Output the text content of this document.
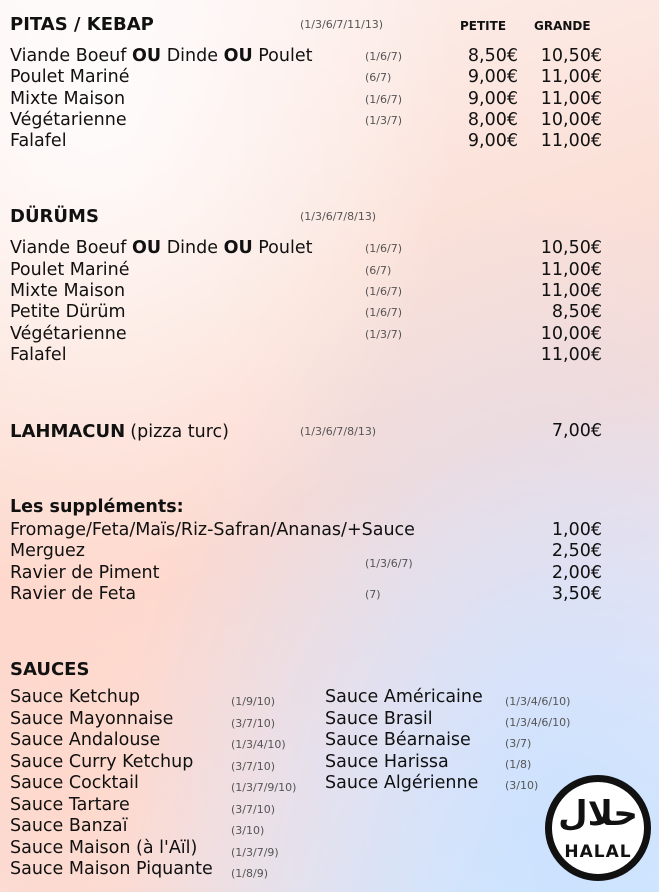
PITAS / KEBAP	(1/3/6/7/11/13)	PETITE GRANDE
Viande Boeuf OU Dinde OU Poulet	(1/6/7)	8,50€	10,50€
Poulet Mariné	(6/7)	9,00€	11,00€
Mixte Maison	(1/6/7)	9,00€	11,00€
Végétarienne	(1/3/7)	8,00€	10,00€
Falafel	9,00€	11,00€
DÜRÜMS	(1/3/6/7/8/13)
Viande Boeuf OU Dinde OU Poulet	(1/6/7)	10,50€
Poulet Mariné	(6/7)	11,00€
Mixte Maison	(1/6/7)	11,00€
Petite Dürüm	(1/6/7)	8,50€
Végétarienne	(1/3/7)	10,00€
Falafel	11,00€
LAHMACUN (pizza turc)	(1/3/6/7/8/13)	7,00€
Les suppléments:
Fromage/Feta/Maïs/Riz-Safran/Ananas/+Sauce	1,00€
Merguez	2,50€
Ravier de Piment	(1/3/6/7)	2,00€
Ravier de Feta	(7)	3,50€
SAUCES
Sauce Ketchup	(1/9/10)
Sauce Mayonnaise	(3/7/10)
Sauce Andalouse	(1/3/4/10)
Sauce Curry Ketchup	(3/7/10)
Sauce Cocktail	(1/3/7/9/10)
Sauce Tartare	(3/7/10)
Sauce Banzaï	(3/10)
Sauce Maison (à l'Aïl)	(1/3/7/9)
Sauce Maison Piquante (1/8/9)
Sauce Américaine (1/3/4/6/10)
Sauce Brasil	(1/3/4/6/10)
Sauce Béarnaise	(3/7)
Sauce Harissa	(1/8)
Sauce Algérienne (3/10)
حلال
HALAL
